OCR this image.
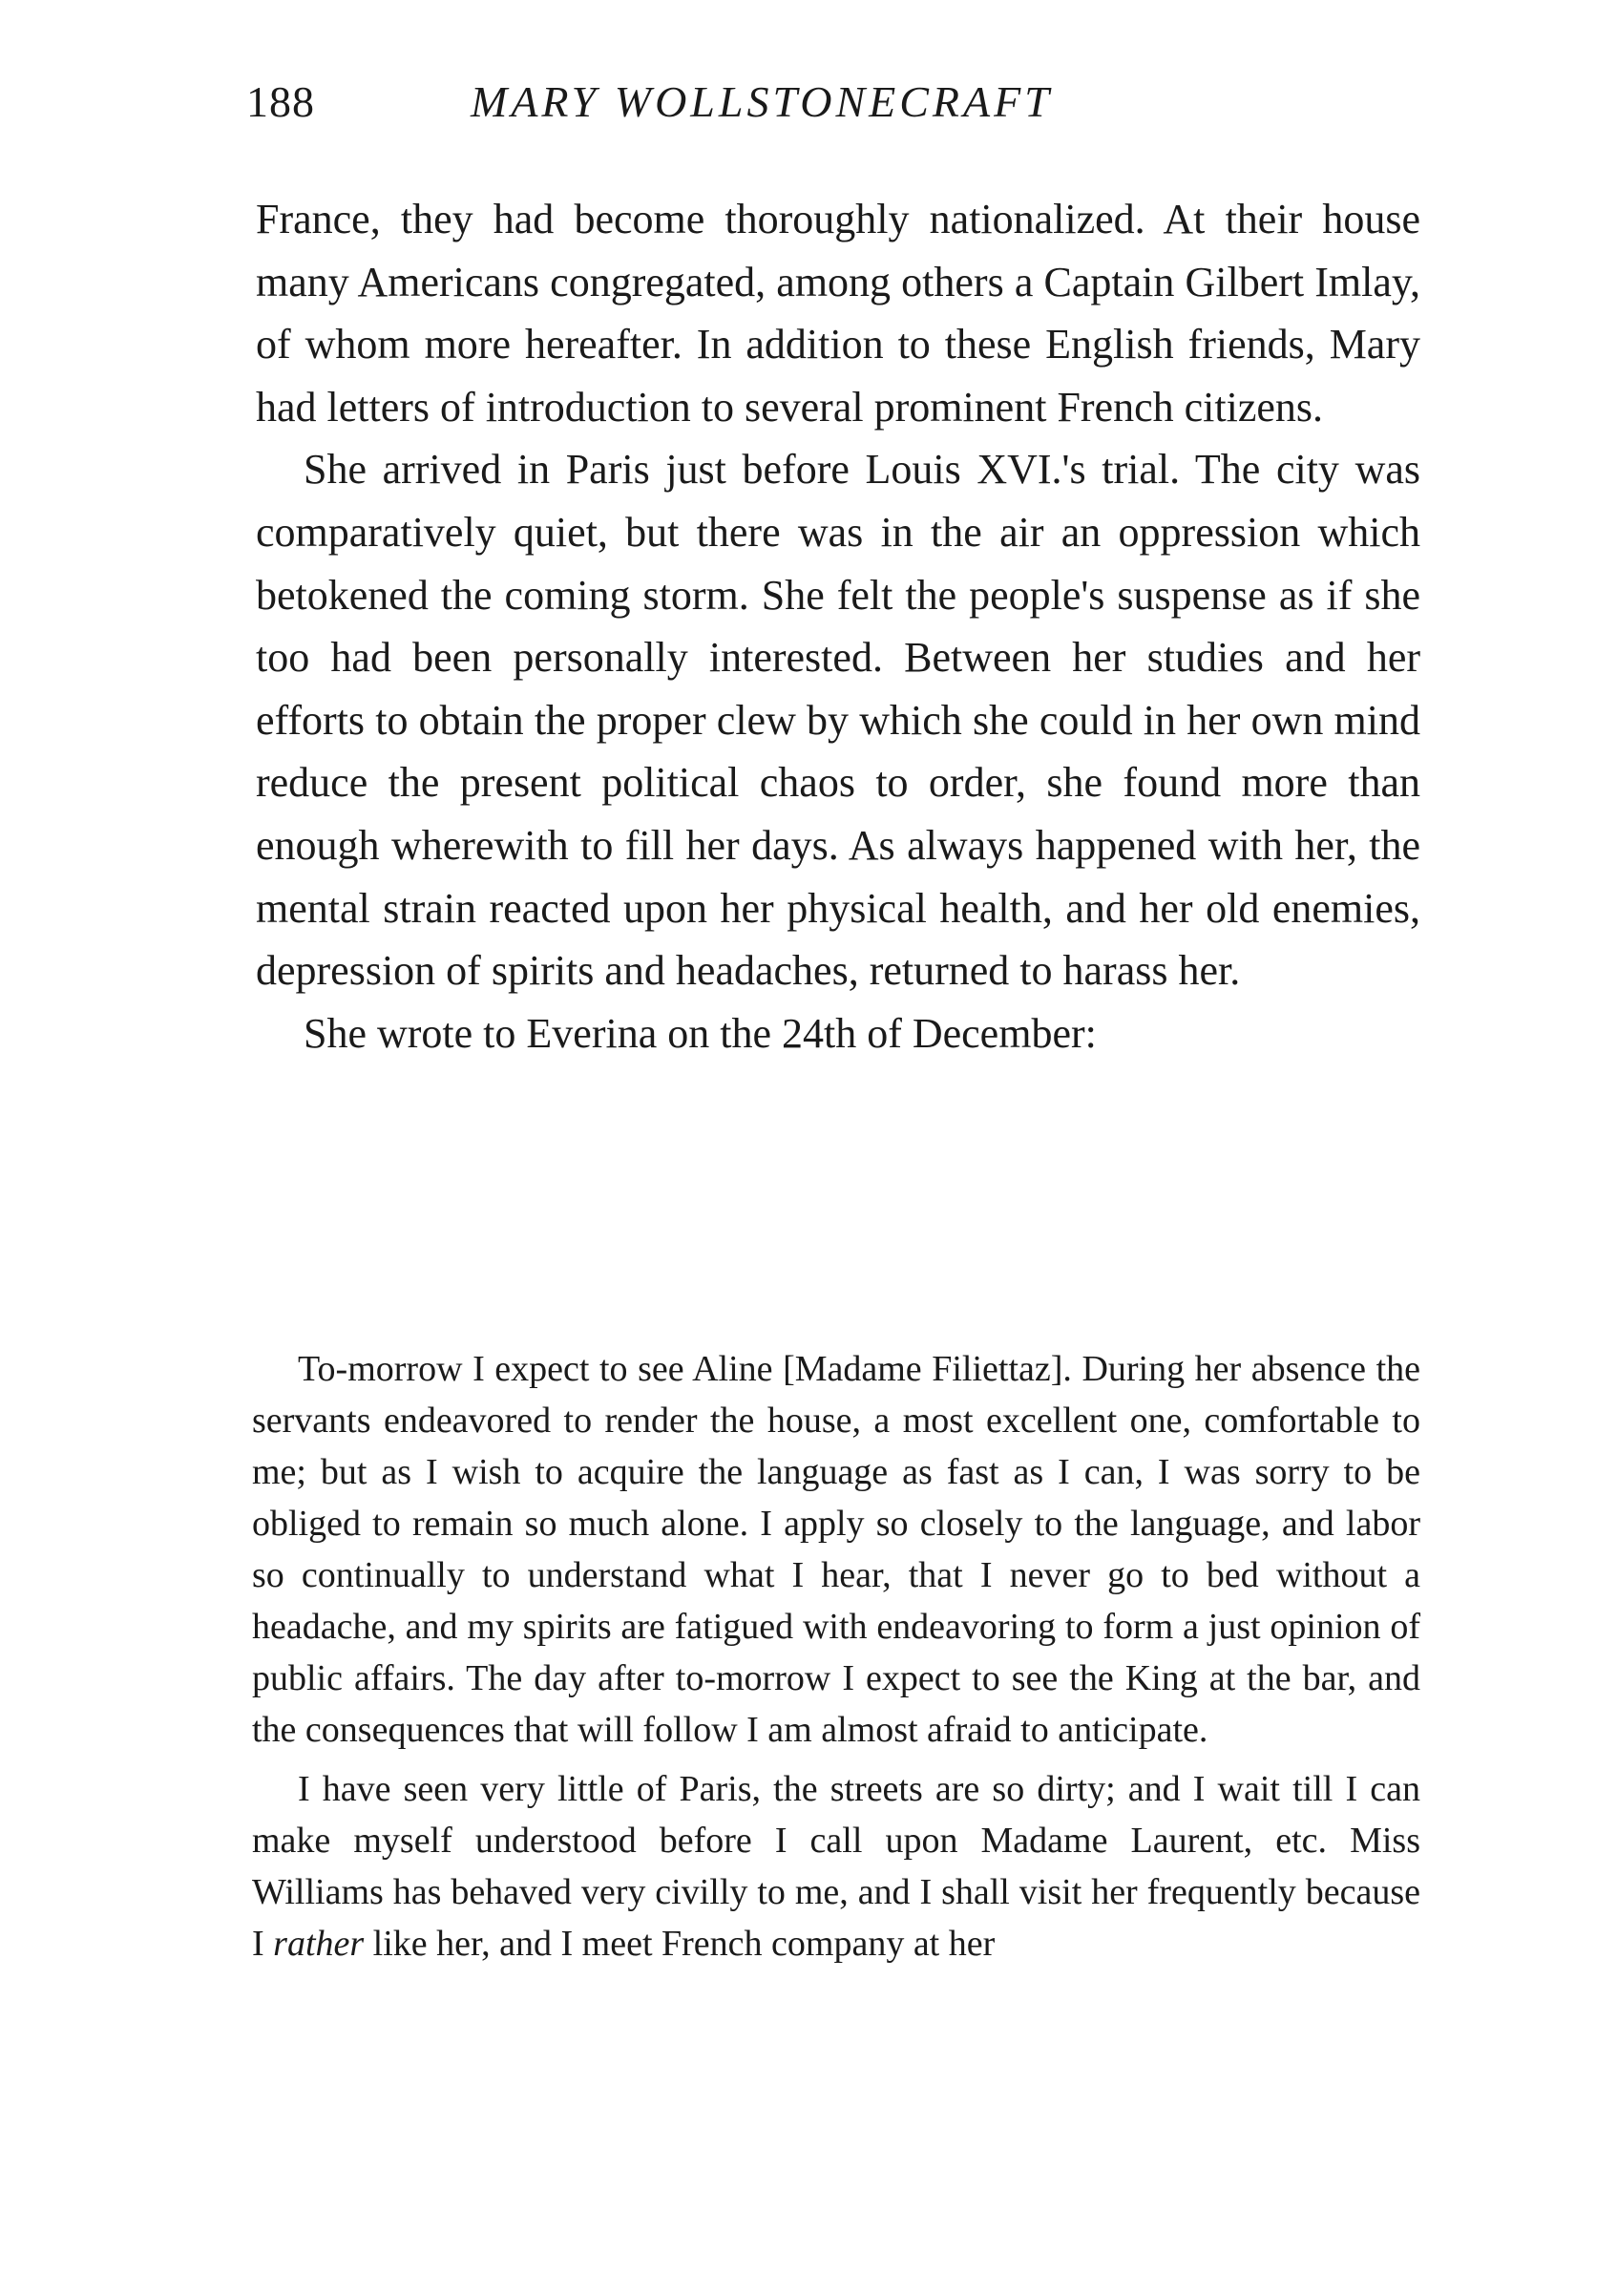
188	MARY WOLLSTONECRAFT

France, they had become thoroughly nationalized. At their house many Americans congregated, among others a Captain Gilbert Imlay, of whom more hereafter. In addition to these English friends, Mary had letters of introduction to several prominent French citizens.

She arrived in Paris just before Louis XVI.'s trial. The city was comparatively quiet, but there was in the air an oppression which betokened the coming storm. She felt the people's suspense as if she too had been personally interested. Between her studies and her efforts to obtain the proper clew by which she could in her own mind reduce the present political chaos to order, she found more than enough wherewith to fill her days. As always happened with her, the mental strain reacted upon her physical health, and her old enemies, depression of spirits and headaches, returned to harass her.

She wrote to Everina on the 24th of December:

To-morrow I expect to see Aline [Madame Filiettaz]. During her absence the servants endeavored to render the house, a most excellent one, comfortable to me; but as I wish to acquire the language as fast as I can, I was sorry to be obliged to remain so much alone. I apply so closely to the language, and labor so continually to understand what I hear, that I never go to bed without a headache, and my spirits are fatigued with endeavoring to form a just opinion of public affairs. The day after to-morrow I expect to see the King at the bar, and the consequences that will follow I am almost afraid to anticipate.

I have seen very little of Paris, the streets are so dirty; and I wait till I can make myself understood before I call upon Madame Laurent, etc. Miss Williams has behaved very civilly to me, and I shall visit her frequently because I rather like her, and I meet French company at her
